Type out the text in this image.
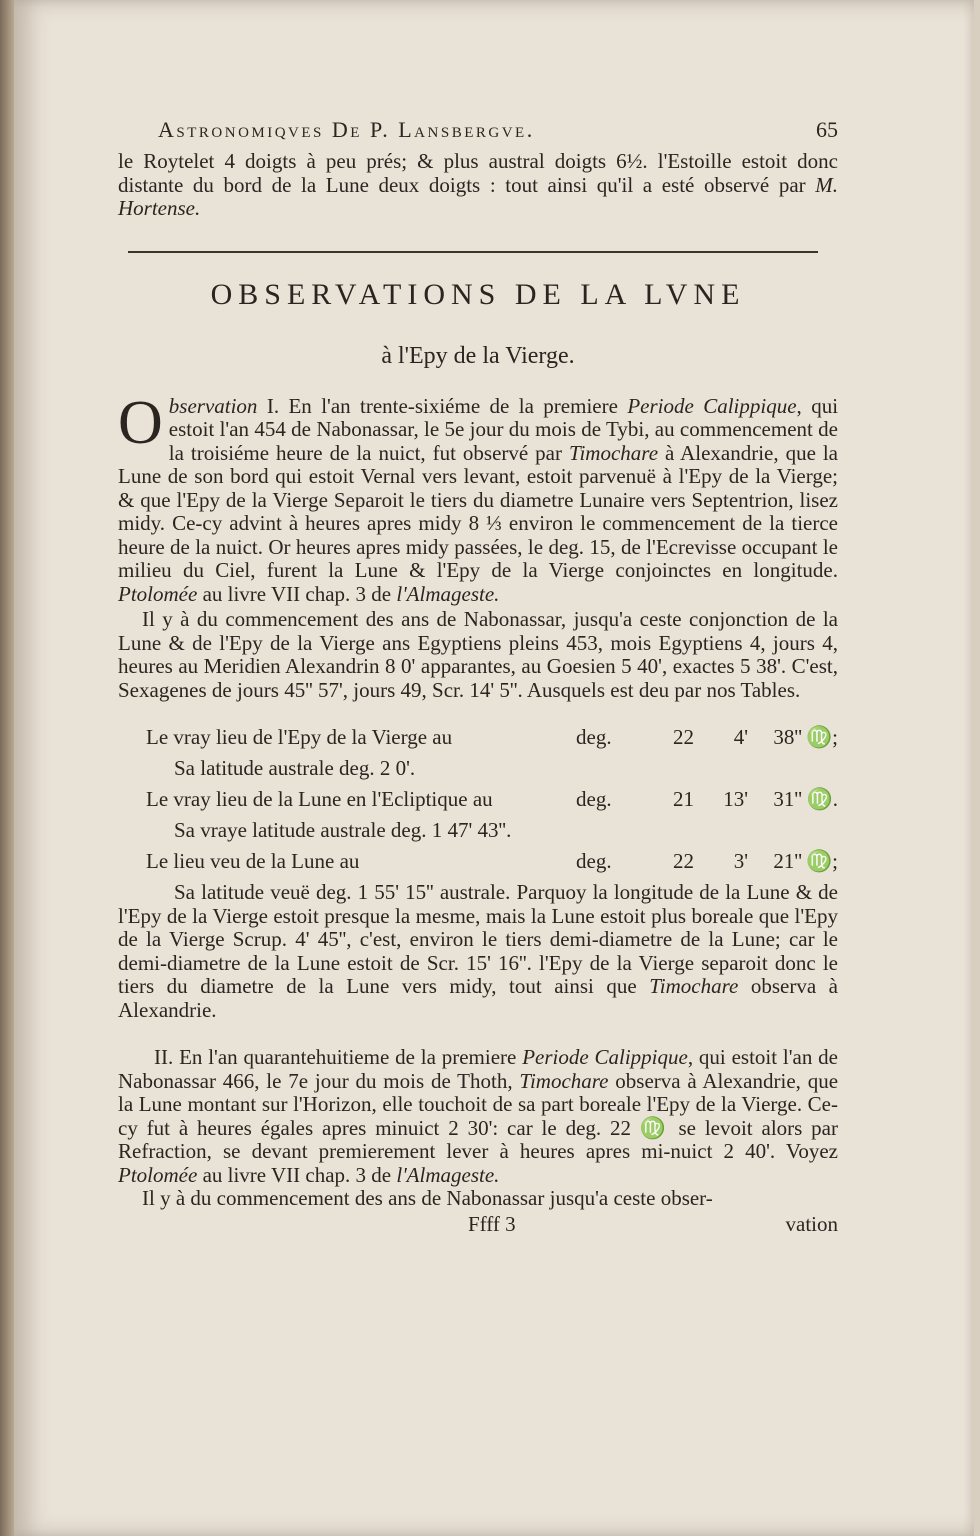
Astronomiqves De P. Lansbergve.	65

le Roytelet 4 doigts à peu prés; & plus austral doigts 6½. l'Estoille estoit donc distante du bord de la Lune deux doigts : tout ainsi qu'il a esté observé par M. Hortense.

OBSERVATIONS DE LA LVNE
à l'Epy de la Vierge.

O bservation I. En l'an trente-sixiéme de la premiere Periode Calippique, qui estoit l'an 454 de Nabonassar, le 5e jour du mois de Tybi, au commencement de la troisiéme heure de la nuict, fut observé par Timochare à Alexandrie, que la Lune de son bord qui estoit Vernal vers levant, estoit parvenuë à l'Epy de la Vierge; & que l'Epy de la Vierge Separoit le tiers du diametre Lunaire vers Septentrion, lisez midy. Ce-cy advint à heures apres midy 8 ⅓ environ le commencement de la tierce heure de la nuict. Or heures apres midy passées, le deg. 15, de l'Ecrevisse occupant le milieu du Ciel, furent la Lune & l'Epy de la Vierge conjoinctes en longitude. Ptolomée au livre VII chap. 3 de l'Almageste.

Il y à du commencement des ans de Nabonassar, jusqu'a ceste conjonction de la Lune & de l'Epy de la Vierge ans Egyptiens pleins 453, mois Egyptiens 4, jours 4, heures au Meridien Alexandrin 8 0' apparantes, au Goesien 5 40', exactes 5 38'. C'est, Sexagenes de jours 45'' 57', jours 49, Scr. 14' 5''. Ausquels est deu par nos Tables.

Le vray lieu de l'Epy de la Vierge au	deg.	22	4'	38''	♍;
Sa latitude australe deg. 2 0'.					
Le vray lieu de la Lune en l'Ecliptique au	deg.	21	13'	31''	♍.
Sa vraye latitude australe deg. 1 47' 43''.					
Le lieu veu de la Lune au	deg.	22	3'	21''	♍;

Sa latitude veuë deg. 1 55' 15'' australe. Parquoy la longitude de la Lune & de l'Epy de la Vierge estoit presque la mesme, mais la Lune estoit plus boreale que l'Epy de la Vierge Scrup. 4' 45'', c'est, environ le tiers demi-diametre de la Lune; car le demi-diametre de la Lune estoit de Scr. 15' 16''. l'Epy de la Vierge separoit donc le tiers du diametre de la Lune vers midy, tout ainsi que Timochare observa à Alexandrie.

II. En l'an quarantehuitieme de la premiere Periode Calippique, qui estoit l'an de Nabonassar 466, le 7e jour du mois de Thoth, Timochare observa à Alexandrie, que la Lune montant sur l'Horizon, elle touchoit de sa part boreale l'Epy de la Vierge. Ce-cy fut à heures égales apres minuict 2 30': car le deg. 22 ♍ se levoit alors par Refraction, se devant premierement lever à heures apres mi-nuict 2 40'. Voyez Ptolomée au livre VII chap. 3 de l'Almageste.

Il y à du commencement des ans de Nabonassar jusqu'a ceste obser-

Ffff 3	vation
